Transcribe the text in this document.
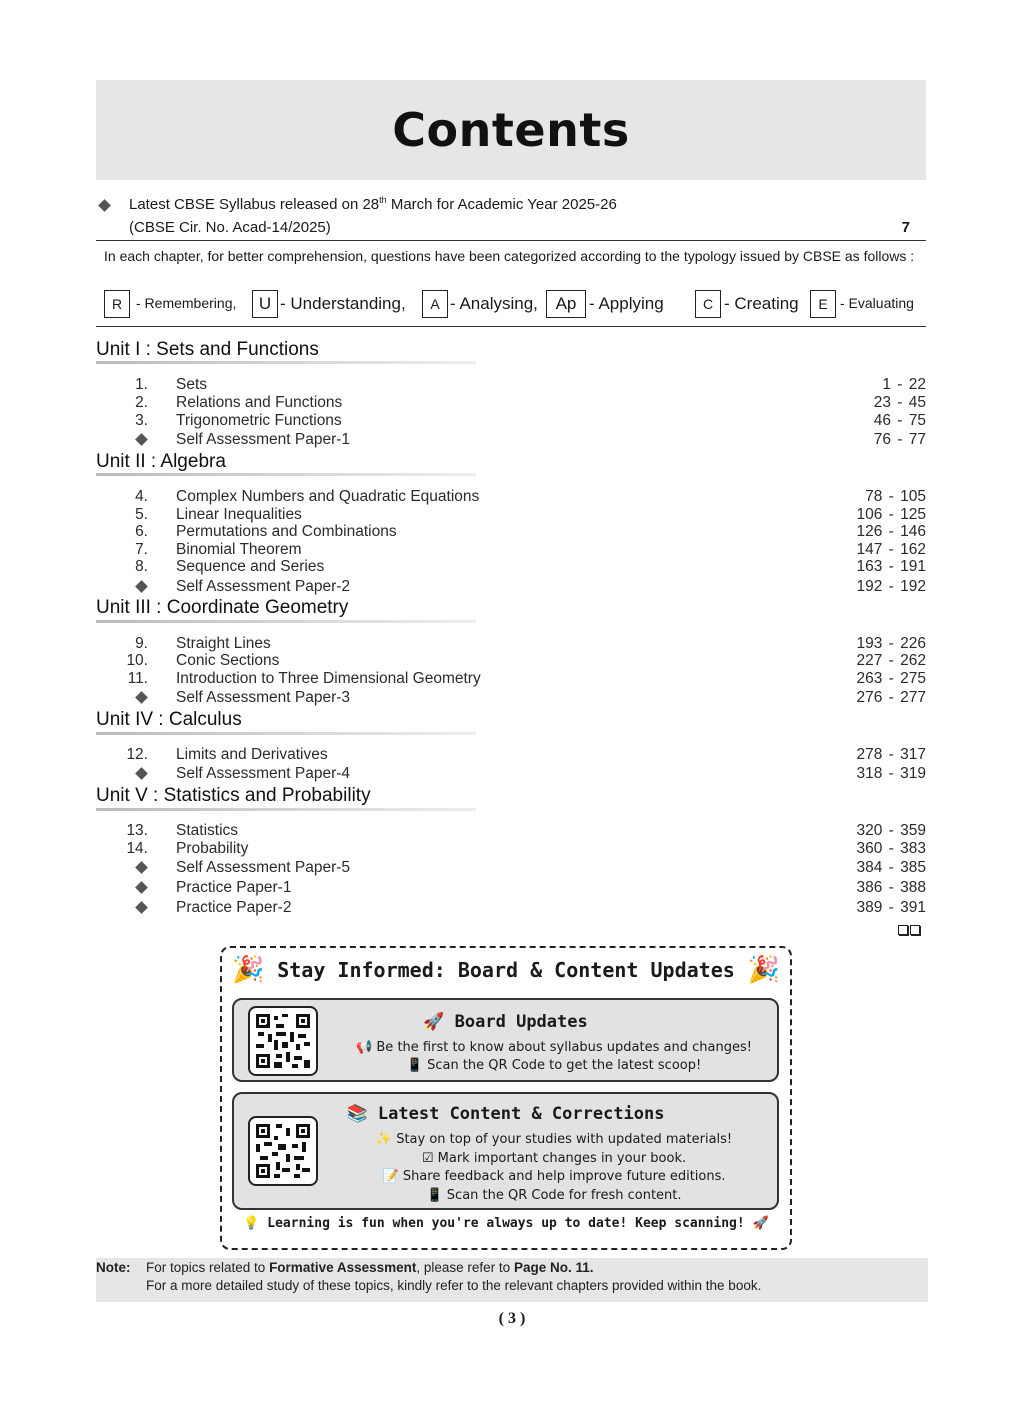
Contents
Latest CBSE Syllabus released on 28th March for Academic Year 2025-26
(CBSE Cir. No. Acad-14/2025)	7
In each chapter, for better comprehension, questions have been categorized according to the typology issued by CBSE as follows :
R - Remembering,	U - Understanding,	A - Analysing,	Ap - Applying	C - Creating	E - Evaluating
Unit I : Sets and Functions
1. Sets	1 - 22
2. Relations and Functions	23 - 45
3. Trigonometric Functions	46 - 75
Self Assessment Paper-1	76 - 77
Unit II : Algebra
4. Complex Numbers and Quadratic Equations	78 - 105
5. Linear Inequalities	106 - 125
6. Permutations and Combinations	126 - 146
7. Binomial Theorem	147 - 162
8. Sequence and Series	163 - 191
Self Assessment Paper-2	192 - 192
Unit III : Coordinate Geometry
9. Straight Lines	193 - 226
10. Conic Sections	227 - 262
11. Introduction to Three Dimensional Geometry	263 - 275
Self Assessment Paper-3	276 - 277
Unit IV : Calculus
12. Limits and Derivatives	278 - 317
Self Assessment Paper-4	318 - 319
Unit V : Statistics and Probability
13. Statistics	320 - 359
14. Probability	360 - 383
Self Assessment Paper-5	384 - 385
Practice Paper-1	386 - 388
Practice Paper-2	389 - 391
🎉 Stay Informed: Board & Content Updates 🎉
🚀 Board Updates
📢 Be the first to know about syllabus updates and changes!
📱 Scan the QR Code to get the latest scoop!
📚 Latest Content & Corrections
✨ Stay on top of your studies with updated materials!
☑ Mark important changes in your book.
📝 Share feedback and help improve future editions.
📱 Scan the QR Code for fresh content.
💡 Learning is fun when you're always up to date! Keep scanning! 🚀
Note: For topics related to Formative Assessment, please refer to Page No. 11.
For a more detailed study of these topics, kindly refer to the relevant chapters provided within the book.
( 3 )
